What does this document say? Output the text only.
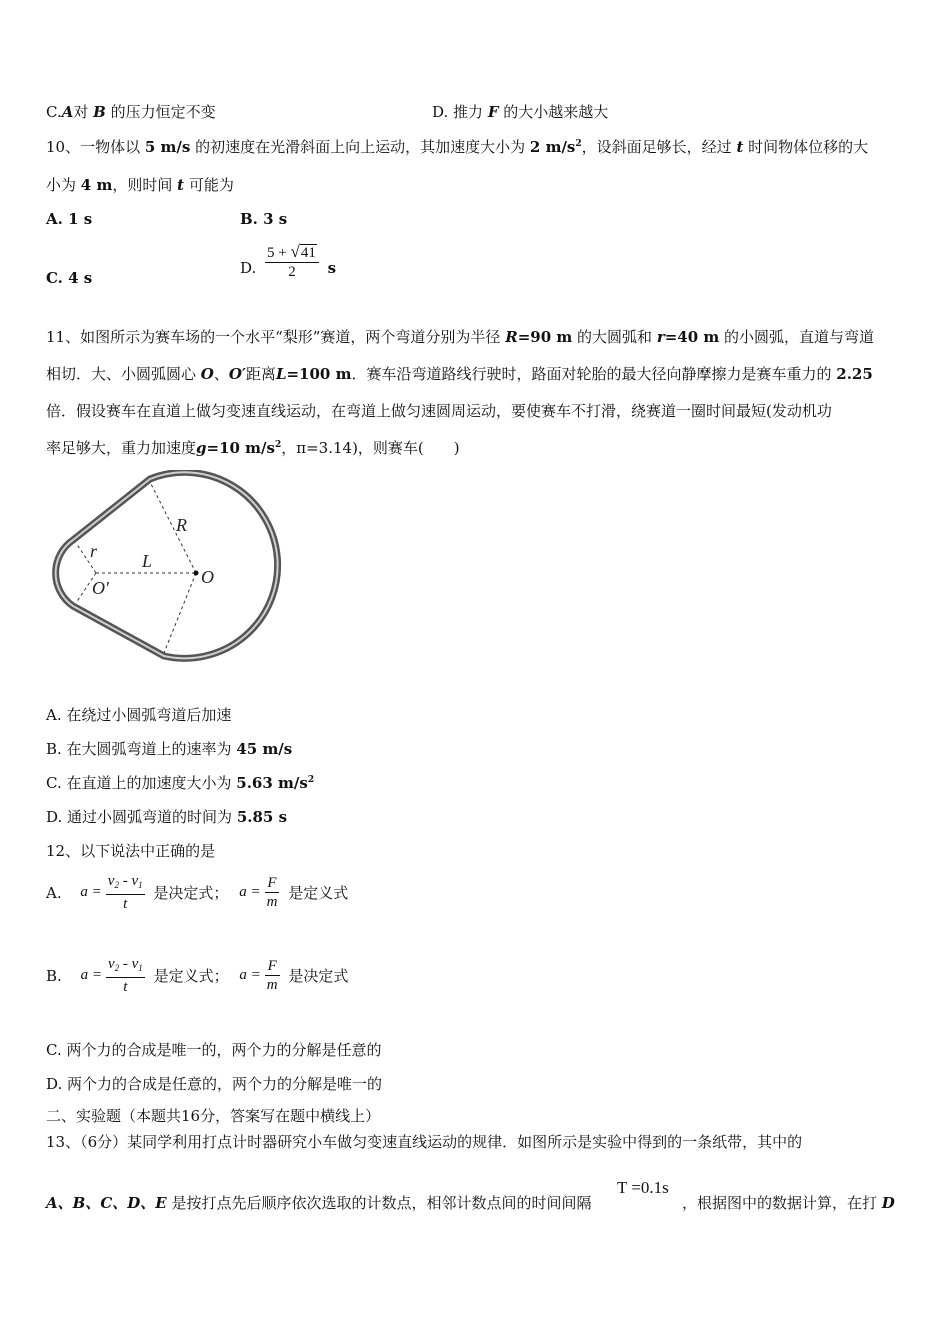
C.A对 B 的压力恒定不变	D. 推力 F 的大小越来越大
10、一物体以 5 m/s 的初速度在光滑斜面上向上运动，其加速度大小为 2 $m/s^2$，设斜面足够长，经过 t 时间物体位移的大
小为 4 m，则时间 t 可能为
A. 1 s	B. 3 s
C. 4 s
D. $\frac{5 + √41}{2}$ s
11、如图所示为赛车场的一个水平“梨形”赛道，两个弯道分别为半径 R=90 m 的大圆弧和 r=40 m 的小圆弧，直道与弯道
相切．大、小圆弧圆心 O、O′距离L=100 m．赛车沿弯道路线行驶时，路面对轮胎的最大径向静摩擦力是赛车重力的 2.25
倍．假设赛车在直道上做匀变速直线运动，在弯道上做匀速圆周运动，要使赛车不打滑，绕赛道一圈时间最短(发动机功
率足够大，重力加速度g=10 $m/s^2$，π=3.14)，则赛车(　　)
R
r L
O
O′
A. 在绕过小圆弧弯道后加速
B. 在大圆弧弯道上的速率为 45 m/s
C. 在直道上的加速度大小为 5.63 $m/s^2$
D. 通过小圆弧弯道的时间为 5.85 s
12、以下说法中正确的是
A. $a = \frac{v_2 - v_1}{t}$ 是决定式； $a = \frac{F}{m}$ 是定义式
B. $a = \frac{v_2 - v_1}{t}$ 是定义式； $a = \frac{F}{m}$ 是决定式
C. 两个力的合成是唯一的，两个力的分解是任意的
D. 两个力的合成是任意的，两个力的分解是唯一的
二、实验题（本题共16分，答案写在题中横线上）
13、（6分）某同学利用打点计时器研究小车做匀变速直线运动的规律．如图所示是实验中得到的一条纸带，其中的
A、B、C、D、E 是按打点先后顺序依次选取的计数点，相邻计数点间的时间间隔
T =0.1s
，根据图中的数据计算，在打 D
